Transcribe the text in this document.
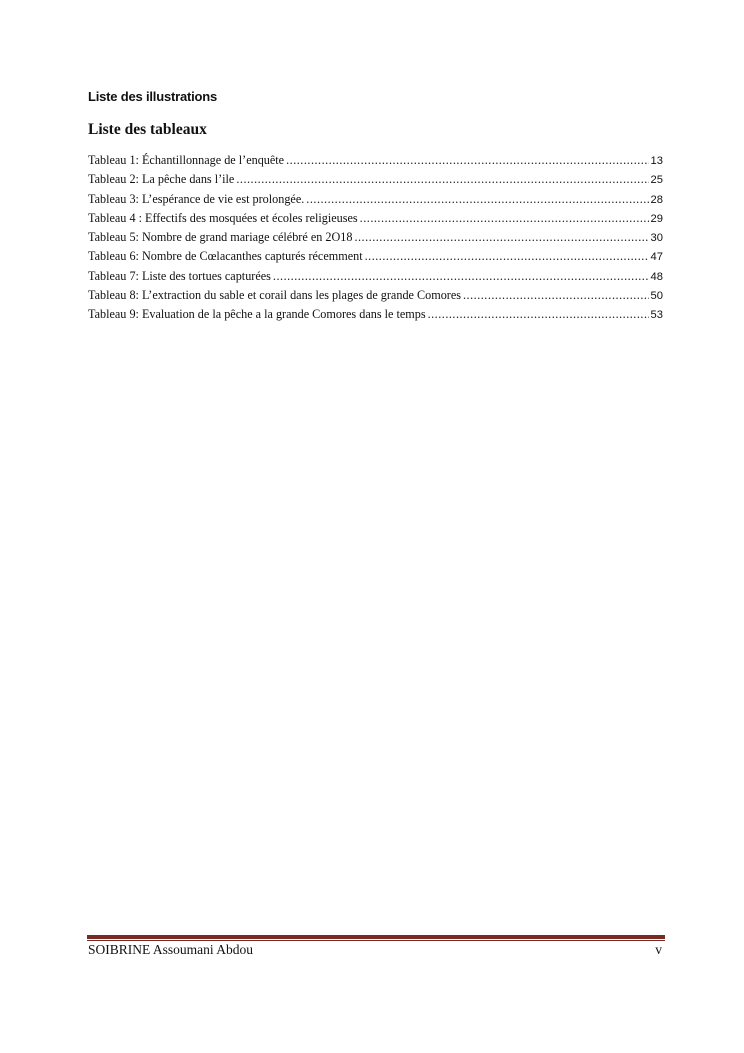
Liste des illustrations
Liste des tableaux
Tableau 1: Échantillonnage de l’enquête .....	13
Tableau 2: La pêche dans l’ile .....	25
Tableau 3: L’espérance de vie est prolongée. .....	28
Tableau 4 : Effectifs des mosquées et écoles religieuses .....	29
Tableau 5: Nombre de grand mariage célébré en 2O18 .....	30
Tableau 6: Nombre de Cœlacanthes capturés récemment .....	47
Tableau 7: Liste des tortues capturées .....	48
Tableau 8: L’extraction du sable et corail dans les plages de grande Comores .....	50
Tableau 9: Evaluation de la pêche a la grande Comores dans le temps .....	53
SOIBRINE Assoumani Abdou	v
